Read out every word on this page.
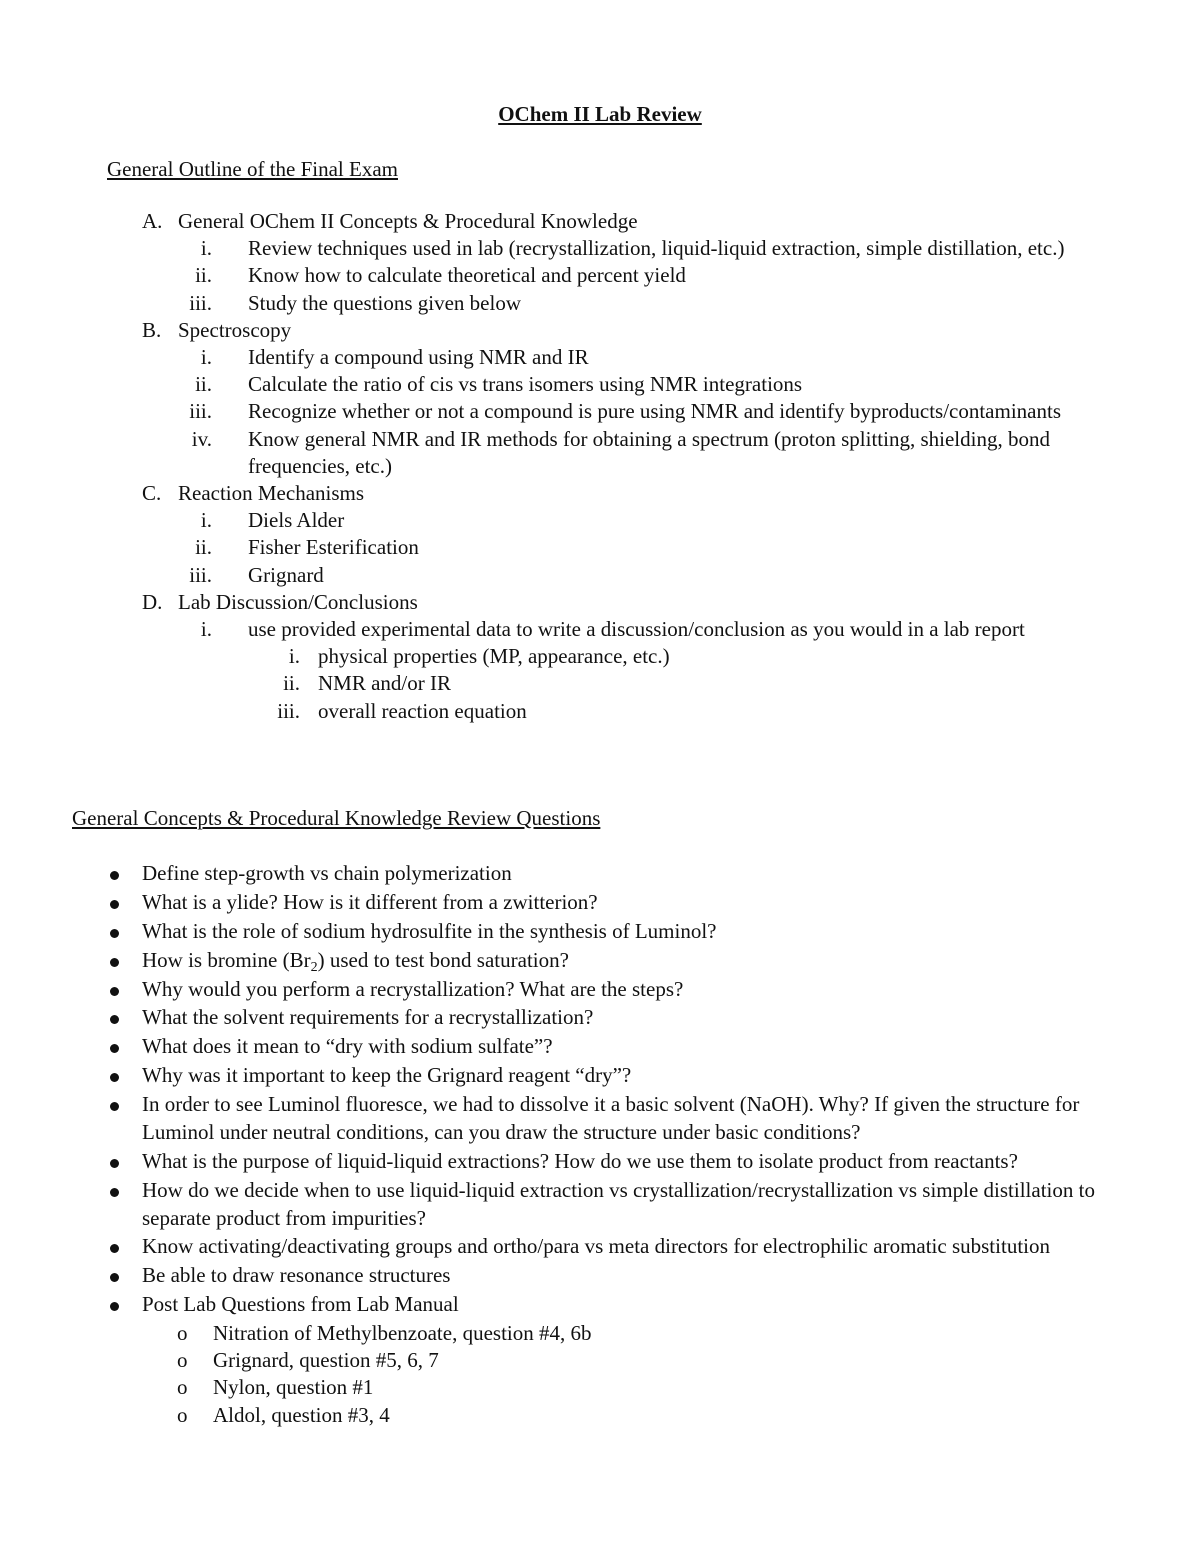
OChem II Lab Review
General Outline of the Final Exam
A. General OChem II Concepts & Procedural Knowledge
i. Review techniques used in lab (recrystallization, liquid-liquid extraction, simple distillation, etc.)
ii. Know how to calculate theoretical and percent yield
iii. Study the questions given below
B. Spectroscopy
i. Identify a compound using NMR and IR
ii. Calculate the ratio of cis vs trans isomers using NMR integrations
iii. Recognize whether or not a compound is pure using NMR and identify byproducts/contaminants
iv. Know general NMR and IR methods for obtaining a spectrum (proton splitting, shielding, bond frequencies, etc.)
C. Reaction Mechanisms
i. Diels Alder
ii. Fisher Esterification
iii. Grignard
D. Lab Discussion/Conclusions
i. use provided experimental data to write a discussion/conclusion as you would in a lab report
i. physical properties (MP, appearance, etc.)
ii. NMR and/or IR
iii. overall reaction equation
General Concepts & Procedural Knowledge Review Questions
Define step-growth vs chain polymerization
What is a ylide? How is it different from a zwitterion?
What is the role of sodium hydrosulfite in the synthesis of Luminol?
How is bromine $(Br_2)$ used to test bond saturation?
Why would you perform a recrystallization? What are the steps?
What the solvent requirements for a recrystallization?
What does it mean to “dry with sodium sulfate”?
Why was it important to keep the Grignard reagent “dry”?
In order to see Luminol fluoresce, we had to dissolve it a basic solvent (NaOH). Why? If given the structure for Luminol under neutral conditions, can you draw the structure under basic conditions?
What is the purpose of liquid-liquid extractions? How do we use them to isolate product from reactants?
How do we decide when to use liquid-liquid extraction vs crystallization/recrystallization vs simple distillation to separate product from impurities?
Know activating/deactivating groups and ortho/para vs meta directors for electrophilic aromatic substitution
Be able to draw resonance structures
Post Lab Questions from Lab Manual
o Nitration of Methylbenzoate, question #4, 6b
o Grignard, question #5, 6, 7
o Nylon, question #1
o Aldol, question #3, 4
